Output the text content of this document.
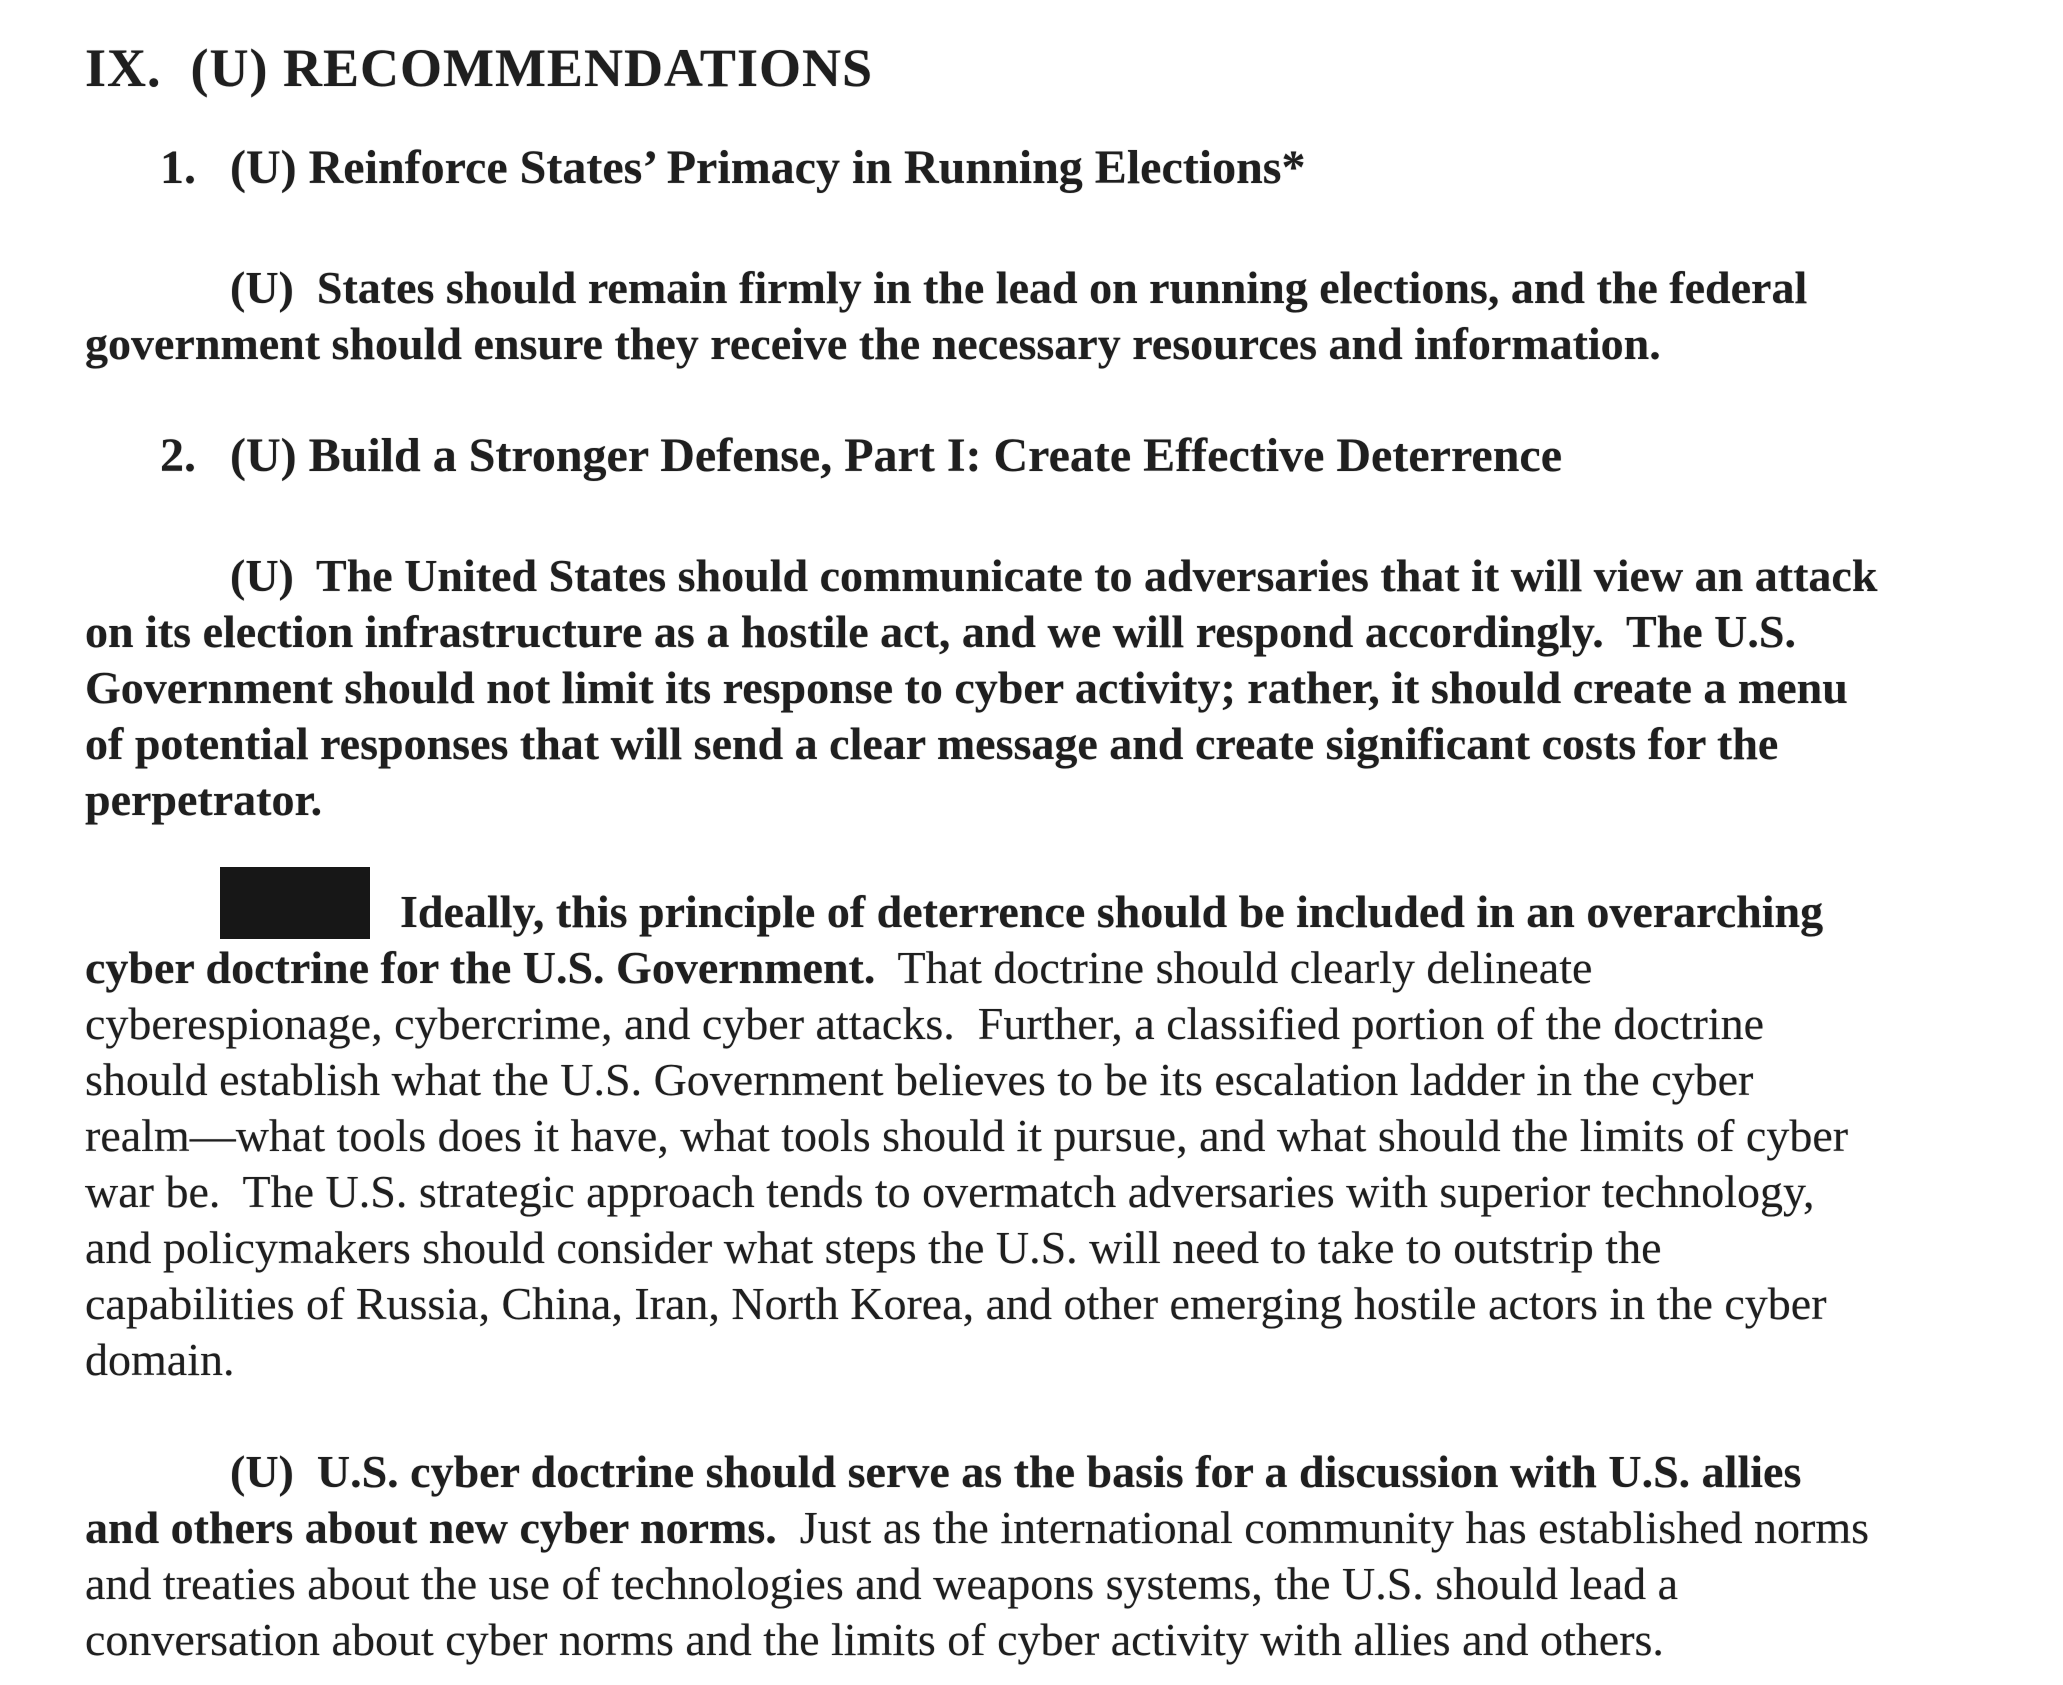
IX.  (U) RECOMMENDATIONS
1. (U) Reinforce States’ Primacy in Running Elections*
(U)  States should remain firmly in the lead on running elections, and the federal
government should ensure they receive the necessary resources and information.
2. (U) Build a Stronger Defense, Part I: Create Effective Deterrence
(U)  The United States should communicate to adversaries that it will view an attack
on its election infrastructure as a hostile act, and we will respond accordingly.  The U.S.
Government should not limit its response to cyber activity; rather, it should create a menu
of potential responses that will send a clear message and create significant costs for the
perpetrator.
Ideally, this principle of deterrence should be included in an overarching
cyber doctrine for the U.S. Government.  That doctrine should clearly delineate
cyberespionage, cybercrime, and cyber attacks.  Further, a classified portion of the doctrine
should establish what the U.S. Government believes to be its escalation ladder in the cyber
realm—what tools does it have, what tools should it pursue, and what should the limits of cyber
war be.  The U.S. strategic approach tends to overmatch adversaries with superior technology,
and policymakers should consider what steps the U.S. will need to take to outstrip the
capabilities of Russia, China, Iran, North Korea, and other emerging hostile actors in the cyber
domain.
(U)  U.S. cyber doctrine should serve as the basis for a discussion with U.S. allies
and others about new cyber norms.  Just as the international community has established norms
and treaties about the use of technologies and weapons systems, the U.S. should lead a
conversation about cyber norms and the limits of cyber activity with allies and others.
